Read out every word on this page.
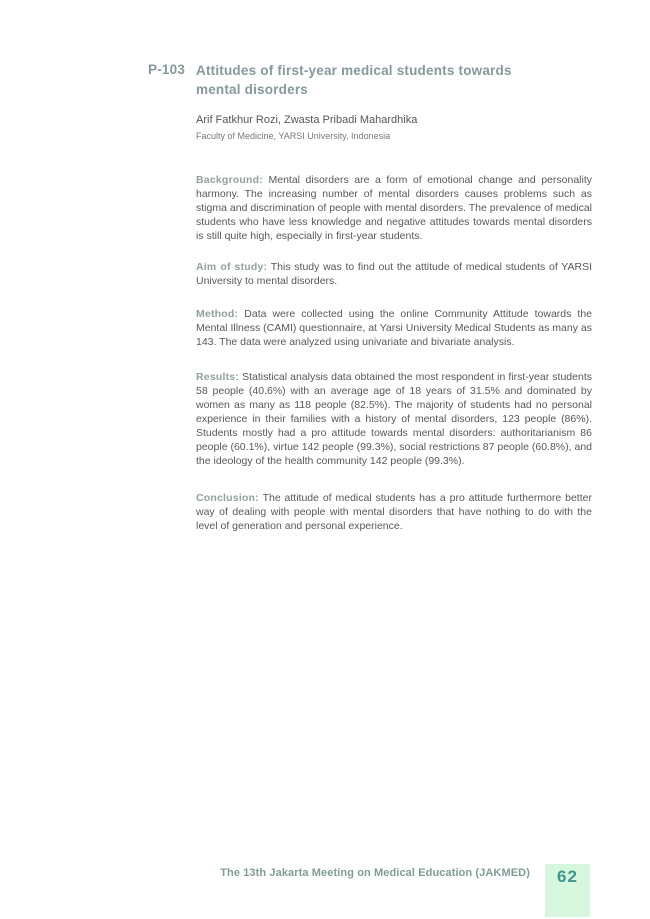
P-103 Attitudes of first-year medical students towards
mental disorders
Arif Fatkhur Rozi, Zwasta Pribadi Mahardhika
Faculty of Medicine, YARSI University, Indonesia

Background: Mental disorders are a form of emotional change and personality harmony. The increasing number of mental disorders causes problems such as stigma and discrimination of people with mental disorders. The prevalence of medical students who have less knowledge and negative attitudes towards mental disorders is still quite high, especially in first-year students.

Aim of study: This study was to find out the attitude of medical students of YARSI University to mental disorders.

Method: Data were collected using the online Community Attitude towards the Mental Illness (CAMI) questionnaire, at Yarsi University Medical Students as many as 143. The data were analyzed using univariate and bivariate analysis.

Results: Statistical analysis data obtained the most respondent in first-year students 58 people (40.6%) with an average age of 18 years of 31.5% and dominated by women as many as 118 people (82.5%). The majority of students had no personal experience in their families with a history of mental disorders, 123 people (86%). Students mostly had a pro attitude towards mental disorders: authoritarianism 86 people (60.1%), virtue 142 people (99.3%), social restrictions 87 people (60.8%), and the ideology of the health community 142 people (99.3%).

Conclusion: The attitude of medical students has a pro attitude furthermore better way of dealing with people with mental disorders that have nothing to do with the level of generation and personal experience.

The 13th Jakarta Meeting on Medical Education (JAKMED)	62
